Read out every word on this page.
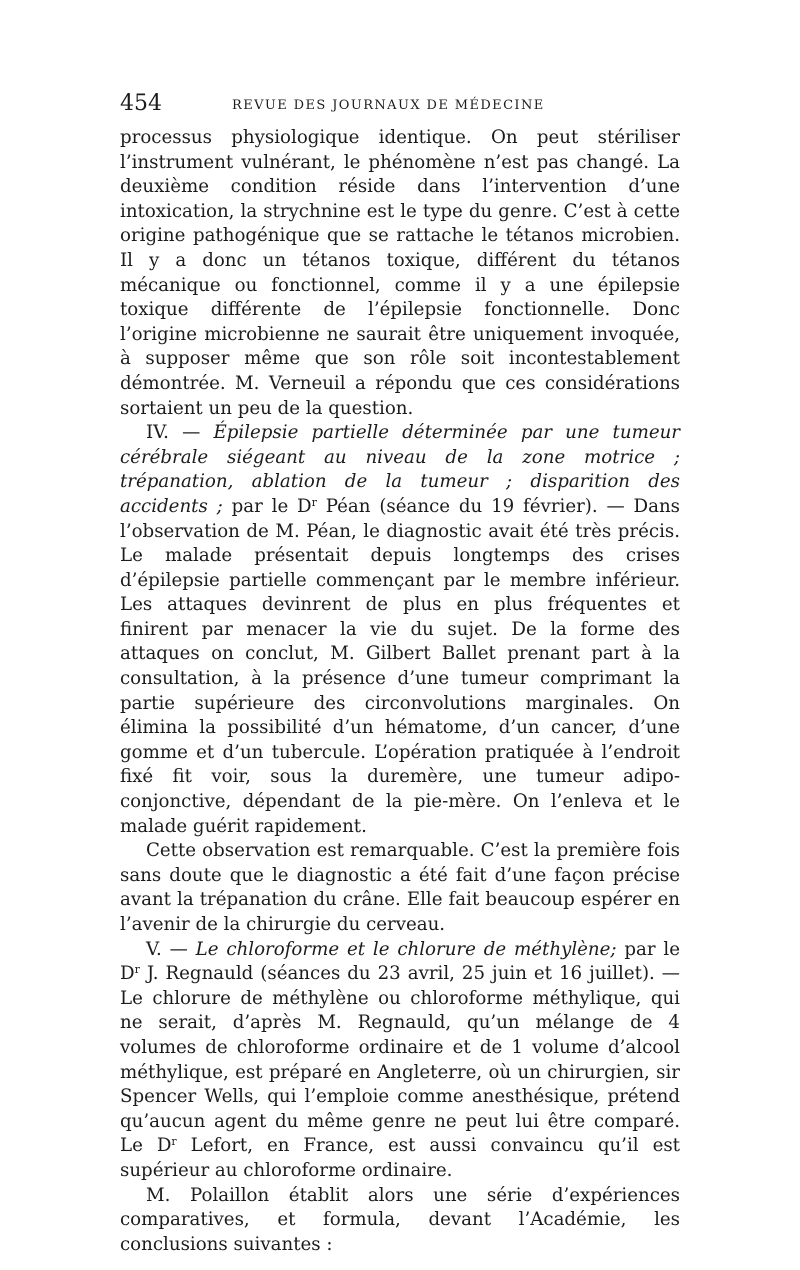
454	REVUE DES JOURNAUX DE MÉDECINE

processus physiologique identique. On peut stériliser l’instrument vulnérant, le phénomène n’est pas changé. La deuxième condition réside dans l’intervention d’une intoxication, la strychnine est le type du genre. C’est à cette origine pathogénique que se rattache le tétanos microbien. Il y a donc un tétanos toxique, différent du tétanos mécanique ou fonctionnel, comme il y a une épilepsie toxique différente de l’épilepsie fonctionnelle. Donc l’origine microbienne ne saurait être uniquement invoquée, à supposer même que son rôle soit incontestablement démontrée. M. Verneuil a répondu que ces considérations sortaient un peu de la question.

IV. — Épilepsie partielle déterminée par une tumeur cérébrale siégeant au niveau de la zone motrice ; trépanation, ablation de la tumeur ; disparition des accidents ; par le $D^r$ Péan (séance du 19 février). — Dans l’observation de M. Péan, le diagnostic avait été très précis. Le malade présentait depuis longtemps des crises d’épilepsie partielle commençant par le membre inférieur. Les attaques devinrent de plus en plus fréquentes et finirent par menacer la vie du sujet. De la forme des attaques on conclut, M. Gilbert Ballet prenant part à la consultation, à la présence d’une tumeur comprimant la partie supérieure des circonvolutions marginales. On élimina la possibilité d’un hématome, d’un cancer, d’une gomme et d’un tubercule. L’opération pratiquée à l’endroit fixé fit voir, sous la duremère, une tumeur adipo-conjonctive, dépendant de la pie-mère. On l’enleva et le malade guérit rapidement.

Cette observation est remarquable. C’est la première fois sans doute que le diagnostic a été fait d’une façon précise avant la trépanation du crâne. Elle fait beaucoup espérer en l’avenir de la chirurgie du cerveau.

V. — Le chloroforme et le chlorure de méthylène; par le $D^r$ J. Regnauld (séances du 23 avril, 25 juin et 16 juillet). — Le chlorure de méthylène ou chloroforme méthylique, qui ne serait, d’après M. Regnauld, qu’un mélange de 4 volumes de chloroforme ordinaire et de 1 volume d’alcool méthylique, est préparé en Angleterre, où un chirurgien, sir Spencer Wells, qui l’emploie comme anesthésique, prétend qu’aucun agent du même genre ne peut lui être comparé. Le $D^r$ Lefort, en France, est aussi convaincu qu’il est supérieur au chloroforme ordinaire.

M. Polaillon établit alors une série d’expériences comparatives, et formula, devant l’Académie, les conclusions suivantes :
